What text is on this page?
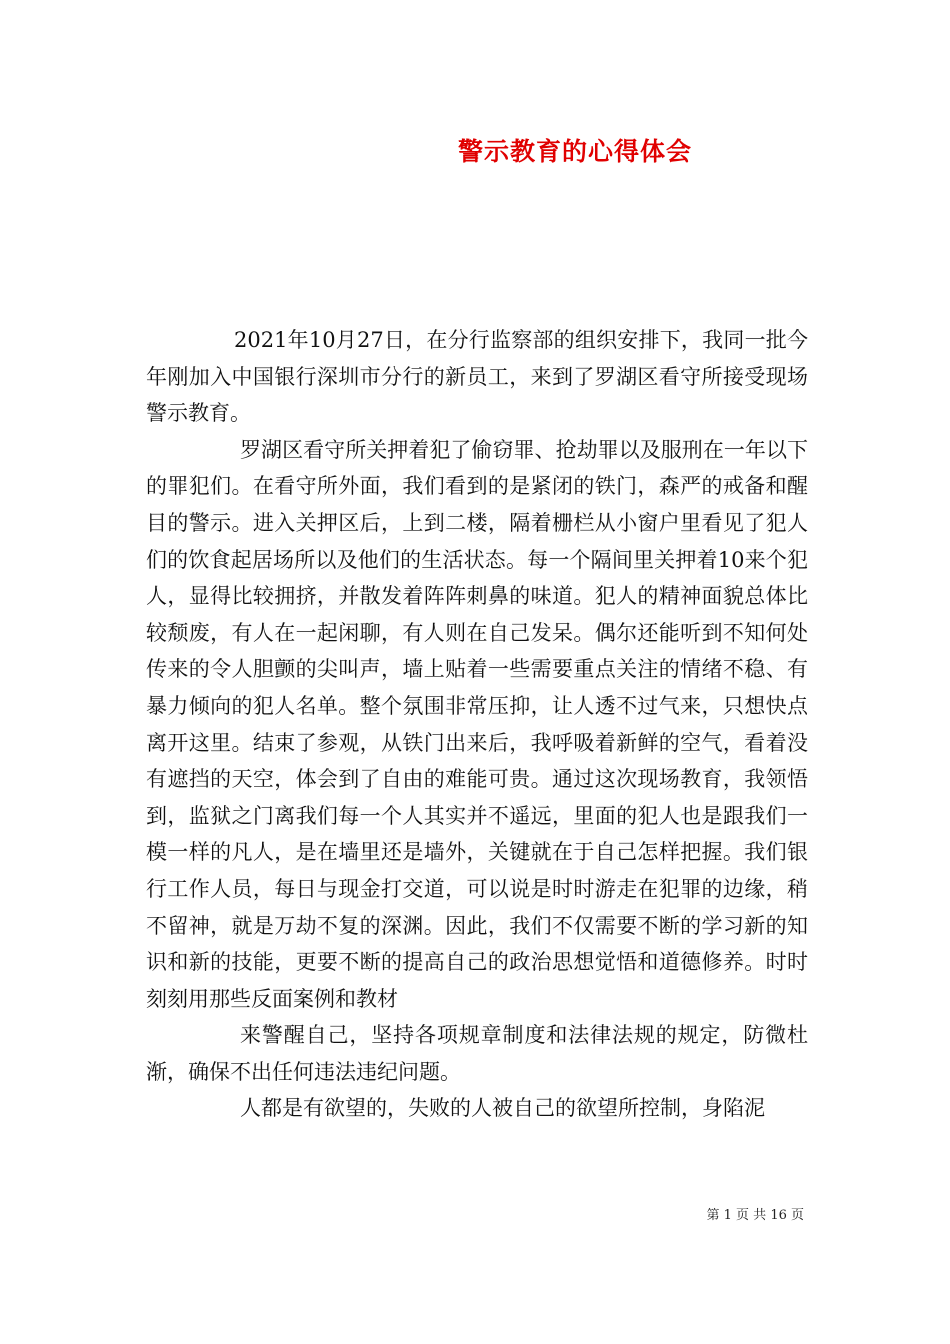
警示教育的心得体会

2021年10月27日，在分行监察部的组织安排下，我同一批今年刚加入中国银行深圳市分行的新员工，来到了罗湖区看守所接受现场警示教育。

罗湖区看守所关押着犯了偷窃罪、抢劫罪以及服刑在一年以下的罪犯们。在看守所外面，我们看到的是紧闭的铁门，森严的戒备和醒目的警示。进入关押区后，上到二楼，隔着栅栏从小窗户里看见了犯人们的饮食起居场所以及他们的生活状态。每一个隔间里关押着10来个犯人，显得比较拥挤，并散发着阵阵刺鼻的味道。犯人的精神面貌总体比较颓废，有人在一起闲聊，有人则在自己发呆。偶尔还能听到不知何处传来的令人胆颤的尖叫声，墙上贴着一些需要重点关注的情绪不稳、有暴力倾向的犯人名单。整个氛围非常压抑，让人透不过气来，只想快点离开这里。结束了参观，从铁门出来后，我呼吸着新鲜的空气，看着没有遮挡的天空，体会到了自由的难能可贵。通过这次现场教育，我领悟到，监狱之门离我们每一个人其实并不遥远，里面的犯人也是跟我们一模一样的凡人，是在墙里还是墙外，关键就在于自己怎样把握。我们银行工作人员，每日与现金打交道，可以说是时时游走在犯罪的边缘，稍不留神，就是万劫不复的深渊。因此，我们不仅需要不断的学习新的知识和新的技能，更要不断的提高自己的政治思想觉悟和道德修养。时时刻刻用那些反面案例和教材

来警醒自己，坚持各项规章制度和法律法规的规定，防微杜渐，确保不出任何违法违纪问题。

人都是有欲望的，失败的人被自己的欲望所控制，身陷泥

第 1 页 共 16 页
